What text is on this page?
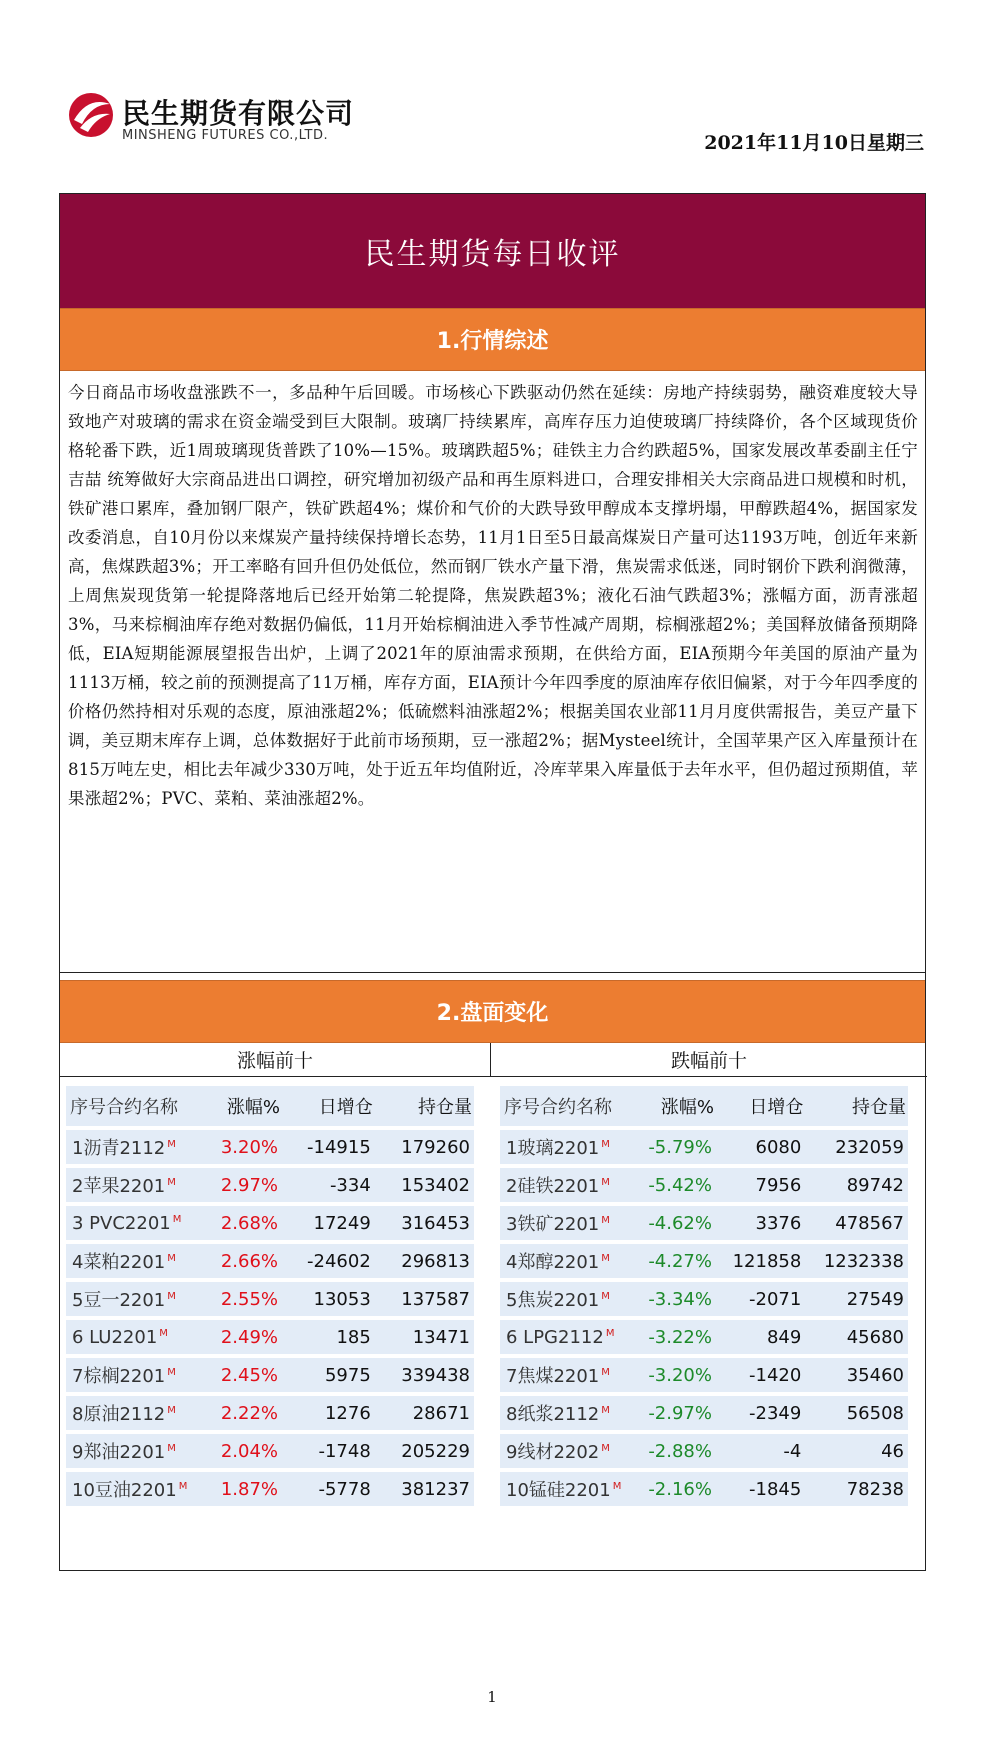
民生期货有限公司
MINSHENG FUTURES CO.,LTD.	2021年11月10日星期三
民生期货每日收评
1.行情综述
今日商品市场收盘涨跌不一，多品种午后回暖。市场核心下跌驱动仍然在延续：房地产持续弱势，融资难度较大导致地产对玻璃的需求在资金端受到巨大限制。玻璃厂持续累库，高库存压力迫使玻璃厂持续降价，各个区域现货价格轮番下跌，近1周玻璃现货普跌了10%—15%。玻璃跌超5%；硅铁主力合约跌超5%，国家发展改革委副主任宁吉喆 统筹做好大宗商品进出口调控，研究增加初级产品和再生原料进口，合理安排相关大宗商品进口规模和时机，铁矿港口累库，叠加钢厂限产，铁矿跌超4%；煤价和气价的大跌导致甲醇成本支撑坍塌，甲醇跌超4%，据国家发改委消息，自10月份以来煤炭产量持续保持增长态势，11月1日至5日最高煤炭日产量可达1193万吨，创近年来新高，焦煤跌超3%；开工率略有回升但仍处低位，然而钢厂铁水产量下滑，焦炭需求低迷，同时钢价下跌利润微薄，上周焦炭现货第一轮提降落地后已经开始第二轮提降，焦炭跌超3%；液化石油气跌超3%；涨幅方面，沥青涨超3%，马来棕榈油库存绝对数据仍偏低，11月开始棕榈油进入季节性减产周期，棕榈涨超2%；美国释放储备预期降低，EIA短期能源展望报告出炉，上调了2021年的原油需求预期，在供给方面，EIA预期今年美国的原油产量为1113万桶，较之前的预测提高了11万桶，库存方面，EIA预计今年四季度的原油库存依旧偏紧，对于今年四季度的价格仍然持相对乐观的态度，原油涨超2%；低硫燃料油涨超2%；根据美国农业部11月月度供需报告，美豆产量下调，美豆期末库存上调，总体数据好于此前市场预期，豆一涨超2%；据Mysteel统计，全国苹果产区入库量预计在815万吨左史，相比去年减少330万吨，处于近五年均值附近，冷库苹果入库量低于去年水平，但仍超过预期值，苹果涨超2%；PVC、菜粕、菜油涨超2%。
2.盘面变化
涨幅前十	跌幅前十
序号合约名称	涨幅%	日增仓	持仓量
1沥青2112 $^M$	3.20%	-14915	179260
2苹果2201 $^M$	2.97%	-334	153402
3 PVC2201 $^M$	2.68%	17249	316453
4菜粕2201 $^M$	2.66%	-24602	296813
5豆一2201 $^M$	2.55%	13053	137587
6 LU2201 $^M$	2.49%	185	13471
7棕榈2201 $^M$	2.45%	5975	339438
8原油2112 $^M$	2.22%	1276	28671
9郑油2201 $^M$	2.04%	-1748	205229
10豆油2201 $^M$	1.87%	-5778	381237
序号合约名称	涨幅%	日增仓	持仓量
1玻璃2201 $^M$	-5.79%	6080	232059
2硅铁2201 $^M$	-5.42%	7956	89742
3铁矿2201 $^M$	-4.62%	3376	478567
4郑醇2201 $^M$	-4.27%	121858	1232338
5焦炭2201 $^M$	-3.34%	-2071	27549
6 LPG2112 $^M$	-3.22%	849	45680
7焦煤2201 $^M$	-3.20%	-1420	35460
8纸浆2112 $^M$	-2.97%	-2349	56508
9线材2202 $^M$	-2.88%	-4	46
10锰硅2201 $^M$	-2.16%	-1845	78238
1
